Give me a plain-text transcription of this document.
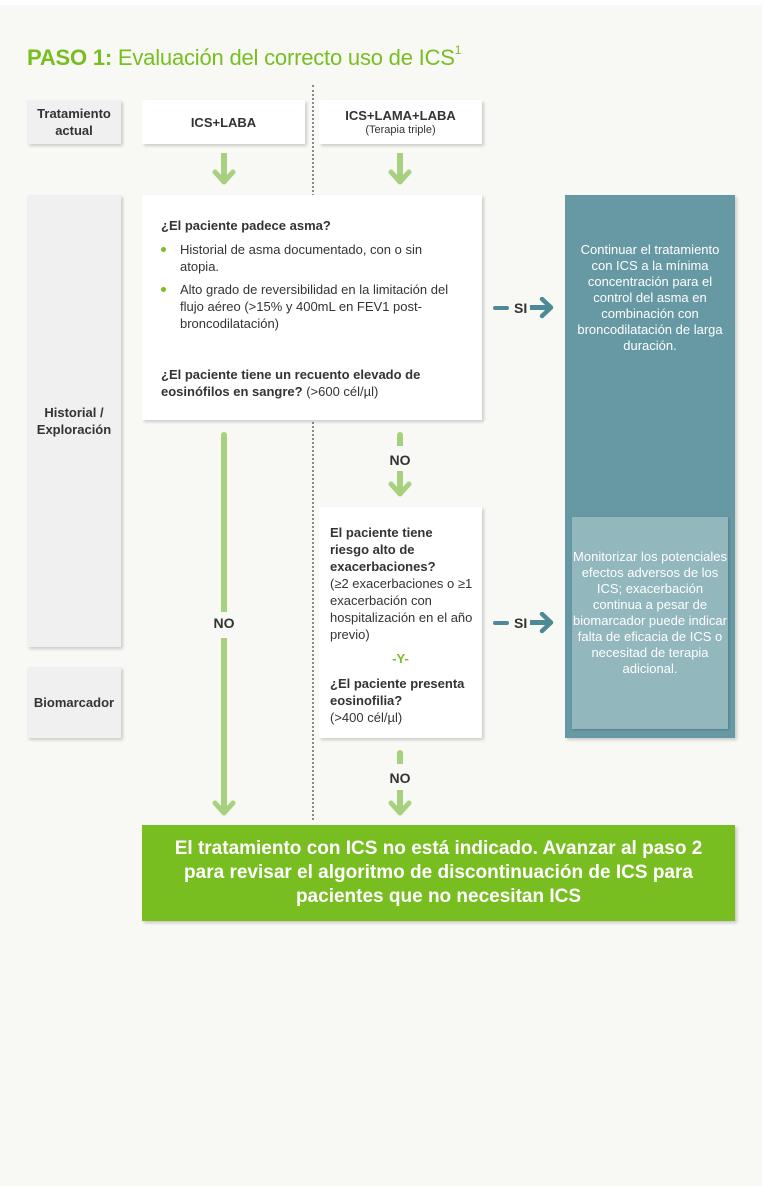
PASO 1: Evaluación del correcto uso de ICS$^1$
Tratamiento actual
Historial / Exploración
Biomarcador
ICS+LABA	ICS+LAMA+LABA
(Terapia triple)
¿El paciente padece asma?
Historial de asma documentado, con o sin atopia.
Alto grado de reversibilidad en la limitación del flujo aéreo (>15% y 400mL en FEV1 post-broncodilatación)
¿El paciente tiene un recuento elevado de eosinófilos en sangre? (>600 cél/µl)
SI
Continuar el tratamiento con ICS a la mínima concentración para el control del asma en combinación con broncodilatación de larga duración.
Monitorizar los potenciales efectos adversos de los ICS; exacerbación continua a pesar de biomarcador puede indicar falta de eficacia de ICS o necesitad de terapia adicional.
NO
NO
El paciente tiene riesgo alto de exacerbaciones?
(≥2 exacerbaciones o ≥1 exacerbación con hospitalización en el año previo)
-Y-
¿El paciente presenta eosinofilia?
(>400 cél/µl)
SI
NO
El tratamiento con ICS no está indicado. Avanzar al paso 2 para revisar el algoritmo de discontinuación de ICS para pacientes que no necesitan ICS
